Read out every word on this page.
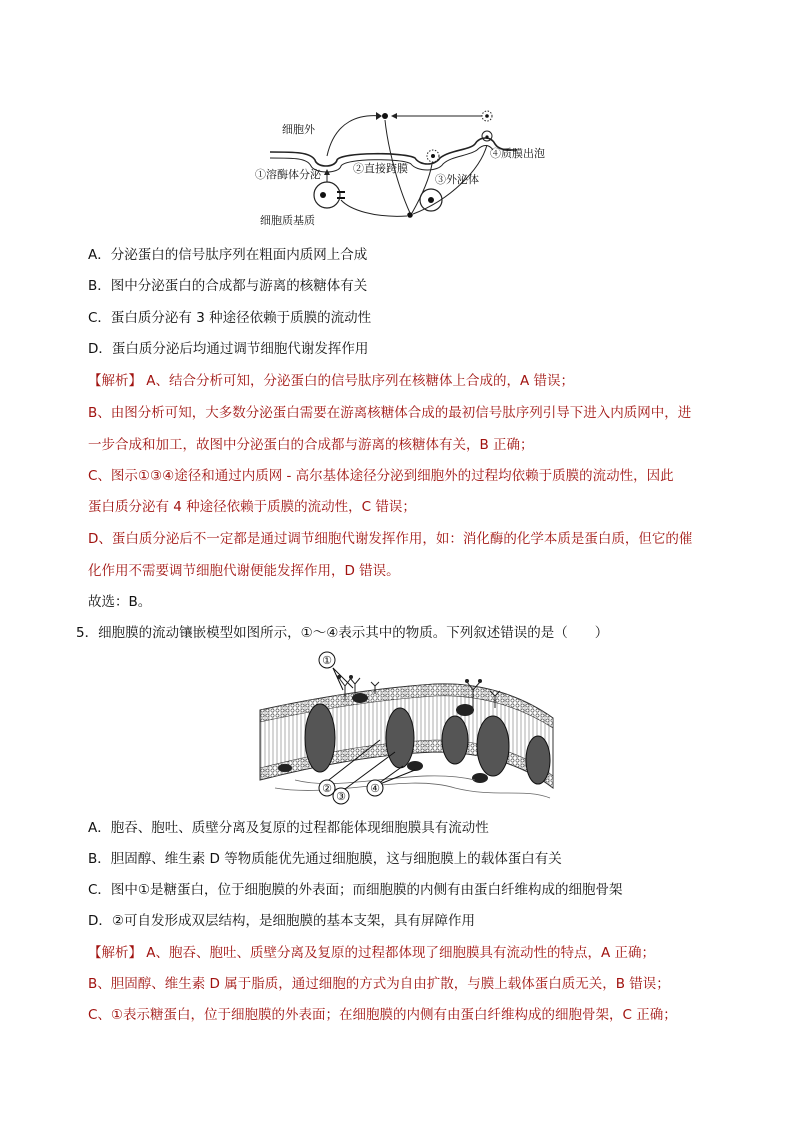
细胞外
①溶酶体分泌	②直接跨膜
③外泌体
④质膜出泡
细胞质基质
A．分泌蛋白的信号肽序列在粗面内质网上合成
B．图中分泌蛋白的合成都与游离的核糖体有关
C．蛋白质分泌有 3 种途径依赖于质膜的流动性
D．蛋白质分泌后均通过调节细胞代谢发挥作用
【解析】 A、结合分析可知，分泌蛋白的信号肽序列在核糖体上合成的，A 错误；
B、由图分析可知，大多数分泌蛋白需要在游离核糖体合成的最初信号肽序列引导下进入内质网中，进
一步合成和加工，故图中分泌蛋白的合成都与游离的核糖体有关，B 正确；
C、图示①③④途径和通过内质网 - 高尔基体途径分泌到细胞外的过程均依赖于质膜的流动性，因此
蛋白质分泌有 4 种途径依赖于质膜的流动性，C 错误；
D、蛋白质分泌后不一定都是通过调节细胞代谢发挥作用，如：消化酶的化学本质是蛋白质，但它的催
化作用不需要调节细胞代谢便能发挥作用，D 错误。
故选：B。
5．细胞膜的流动镶嵌模型如图所示，①～④表示其中的物质。下列叙述错误的是（　　）
①
②
③
④
A．胞吞、胞吐、质壁分离及复原的过程都能体现细胞膜具有流动性
B．胆固醇、维生素 D 等物质能优先通过细胞膜，这与细胞膜上的载体蛋白有关
C．图中①是糖蛋白，位于细胞膜的外表面；而细胞膜的内侧有由蛋白纤维构成的细胞骨架
D．②可自发形成双层结构，是细胞膜的基本支架，具有屏障作用
【解析】 A、胞吞、胞吐、质壁分离及复原的过程都体现了细胞膜具有流动性的特点，A 正确；
B、胆固醇、维生素 D 属于脂质，通过细胞的方式为自由扩散，与膜上载体蛋白质无关，B 错误；
C、①表示糖蛋白，位于细胞膜的外表面；在细胞膜的内侧有由蛋白纤维构成的细胞骨架，C 正确；
